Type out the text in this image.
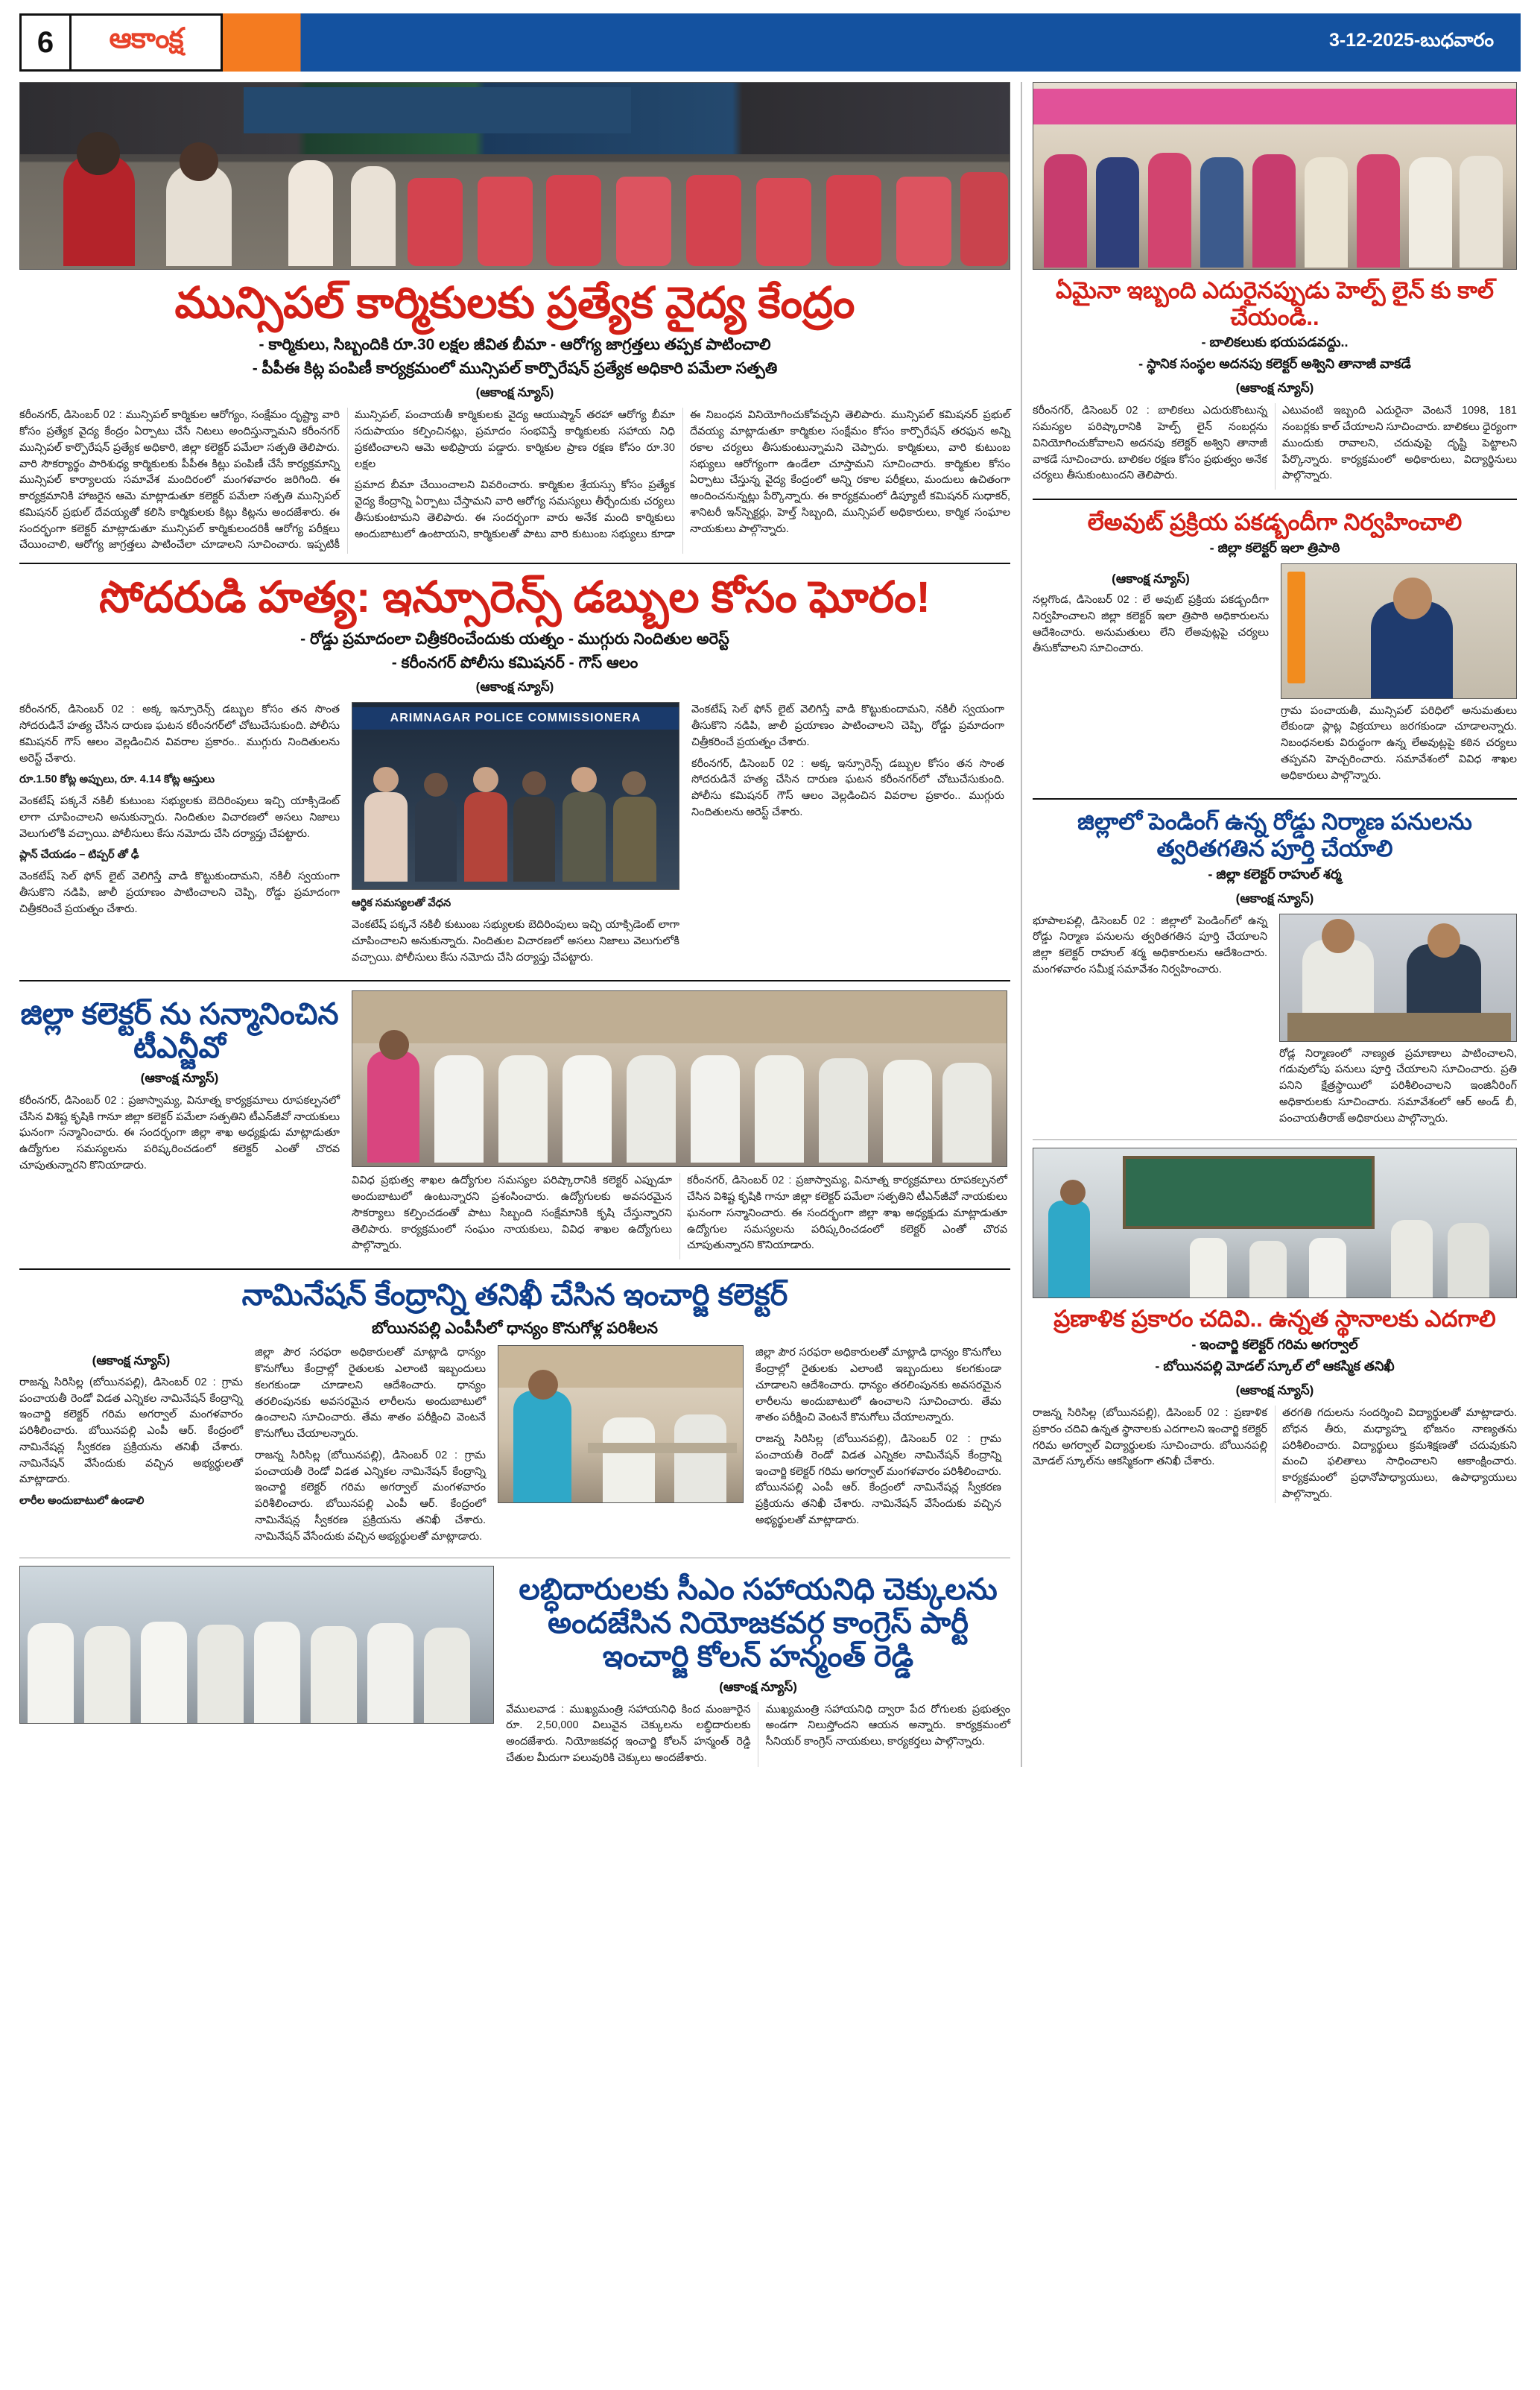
6	ఆకాంక్ష	3-12-2025-బుధవారం
మున్సిపల్ కార్మికులకు ప్రత్యేక వైద్య కేంద్రం
- కార్మికులు, సిబ్బందికి రూ.30 లక్షల జీవిత బీమా - ఆరోగ్య జాగ్రత్తలు తప్పక పాటించాలి
- పీపీఈ కిట్ల పంపిణీ కార్యక్రమంలో మున్సిపల్ కార్పొరేషన్ ప్రత్యేక అధికారి పమేలా సత్పతి
(ఆకాంక్ష న్యూస్)

కరీంనగర్, డిసెంబర్ 02 : మున్సిపల్ కార్మికుల ఆరోగ్యం, సంక్షేమం దృష్ట్యా వారి కోసం ప్రత్యేక వైద్య కేంద్రం ఏర్పాటు చేసే నిటలు అందిస్తున్నామని కరీంనగర్ మున్సిపల్ కార్పొరేషన్ ప్రత్యేక అధికారి, జిల్లా కలెక్టర్ పమేలా సత్పతి తెలిపారు. వారి సౌకర్యార్థం పారిశుధ్య కార్మికులకు పీపీఈ కిట్లు పంపిణీ చేసే కార్యక్రమాన్ని మున్సిపల్ కార్యాలయ సమావేశ మందిరంలో మంగళవారం జరిగింది. ఈ కార్యక్రమానికి హాజరైన ఆమె మాట్లాడుతూ కలెక్టర్ పమేలా సత్పతి మున్సిపల్ కమిషనర్ ప్రభుల్ దేవయ్యతో కలిసి కార్మికులకు కిట్లు కిట్లను అందజేశారు. ఈ సందర్భంగా కలెక్టర్ మాట్లాడుతూ మున్సిపల్ కార్మికులందరికీ ఆరోగ్య పరీక్షలు చేయించాలి, ఆరోగ్య జాగ్రత్తలు పాటించేలా చూడాలని సూచించారు. ఇప్పటికీ మున్సిపల్, పంచాయతీ కార్మికులకు వైద్య ఆయుష్మాన్ తరహా ఆరోగ్య బీమా సదుపాయం కల్పించినట్లు, ప్రమాదం సంభవిస్తే కార్మికులకు సహాయ నిధి ప్రకటించాలని ఆమె అభిప్రాయ పడ్డారు. కార్మికుల ప్రాణ రక్షణ కోసం రూ.30 లక్షల

ప్రమాద బీమా చేయించాలని వివరించారు. కార్మికుల శ్రేయస్సు కోసం ప్రత్యేక వైద్య కేంద్రాన్ని ఏర్పాటు చేస్తామని వారి ఆరోగ్య సమస్యలు తీర్చేందుకు చర్యలు తీసుకుంటామని తెలిపారు. ఈ సందర్భంగా వారు అనేక మంది కార్మికులు అందుబాటులో ఉంటాయని, కార్మికులతో పాటు వారి కుటుంబ సభ్యులు కూడా ఈ నిబంధన వినియోగించుకోవచ్చని తెలిపారు. మున్సిపల్ కమిషనర్ ప్రభుల్ దేవయ్య మాట్లాడుతూ కార్మికుల సంక్షేమం కోసం కార్పొరేషన్ తరఫున అన్ని రకాల చర్యలు తీసుకుంటున్నామని చెప్పారు. కార్మికులు, వారి కుటుంబ సభ్యులు ఆరోగ్యంగా ఉండేలా చూస్తామని సూచించారు. కార్మికుల కోసం ఏర్పాటు చేస్తున్న వైద్య కేంద్రంలో అన్ని రకాల పరీక్షలు, మందులు ఉచితంగా అందించనున్నట్లు పేర్కొన్నారు. ఈ కార్యక్రమంలో డిప్యూటీ కమిషనర్ సుధాకర్, శానిటరీ ఇన్‌స్పెక్టర్లు, హెల్త్ సిబ్బంది, మున్సిపల్ అధికారులు, కార్మిక సంఘాల నాయకులు పాల్గొన్నారు.

సోదరుడి హత్య: ఇన్సూరెన్స్ డబ్బుల కోసం ఘోరం!
- రోడ్డు ప్రమాదంలా చిత్రీకరించేందుకు యత్నం - ముగ్గురు నిందితుల అరెస్ట్
- కరీంనగర్ పోలీసు కమిషనర్ - గౌస్ ఆలం
(ఆకాంక్ష న్యూస్)

కరీంనగర్, డిసెంబర్ 02 : అక్క ఇన్సూరెన్స్ డబ్బుల కోసం తన సొంత సోదరుడినే హత్య చేసిన దారుణ ఘటన కరీంనగర్‌లో చోటుచేసుకుంది. పోలీసు కమిషనర్ గౌస్ ఆలం వెల్లడించిన వివరాల ప్రకారం.. ముగ్గురు నిందితులను అరెస్ట్ చేశారు.

రూ.1.50 కోట్ల అప్పులు, రూ. 4.14 కోట్ల ఆస్తులు

వెంకటేష్ పక్కనే నకిలీ కుటుంబ సభ్యులకు బెదిరింపులు ఇచ్చి యాక్సిడెంట్ లాగా చూపించాలని అనుకున్నారు. నిందితుల విచారణలో అసలు నిజాలు వెలుగులోకి వచ్చాయి. పోలీసులు కేసు నమోదు చేసి దర్యాప్తు చేపట్టారు.

ప్లాన్ చేయడం – టిప్పర్ తో ఢీ

వెంకటేష్ సెల్ ఫోన్ లైట్ వెలిగిస్తే వాడి కొట్టుకుందామని, నకిలీ స్వయంగా తీసుకొని నడిపి, జాలీ ప్రయాణం పాటించాలని చెప్పి, రోడ్డు ప్రమాదంగా చిత్రీకరించే ప్రయత్నం చేశారు.

ARIMNAGAR POLICE COMMISSIONERA

ఆర్థిక సమస్యలతో వేధన

వెంకటేష్ పక్కనే నకిలీ కుటుంబ సభ్యులకు బెదిరింపులు ఇచ్చి యాక్సిడెంట్ లాగా చూపించాలని అనుకున్నారు. నిందితుల విచారణలో అసలు నిజాలు వెలుగులోకి వచ్చాయి. పోలీసులు కేసు నమోదు చేసి దర్యాప్తు చేపట్టారు.

వెంకటేష్ సెల్ ఫోన్ లైట్ వెలిగిస్తే వాడి కొట్టుకుందామని, నకిలీ స్వయంగా తీసుకొని నడిపి, జాలీ ప్రయాణం పాటించాలని చెప్పి, రోడ్డు ప్రమాదంగా చిత్రీకరించే ప్రయత్నం చేశారు.

కరీంనగర్, డిసెంబర్ 02 : అక్క ఇన్సూరెన్స్ డబ్బుల కోసం తన సొంత సోదరుడినే హత్య చేసిన దారుణ ఘటన కరీంనగర్‌లో చోటుచేసుకుంది. పోలీసు కమిషనర్ గౌస్ ఆలం వెల్లడించిన వివరాల ప్రకారం.. ముగ్గురు నిందితులను అరెస్ట్ చేశారు.

జిల్లా కలెక్టర్ ను సన్మానించిన టీఎన్జీవో
(ఆకాంక్ష న్యూస్)

కరీంనగర్, డిసెంబర్ 02 : ప్రజాస్వామ్య, వినూత్న కార్యక్రమాలు రూపకల్పనలో చేసిన విశిష్ట కృషికి గానూ జిల్లా కలెక్టర్ పమేలా సత్పతిని టీఎన్‌జీవో నాయకులు ఘనంగా సన్మానించారు. ఈ సందర్భంగా జిల్లా శాఖ అధ్యక్షుడు మాట్లాడుతూ ఉద్యోగుల సమస్యలను పరిష్కరించడంలో కలెక్టర్ ఎంతో చొరవ చూపుతున్నారని కొనియాడారు.

వివిధ ప్రభుత్వ శాఖల ఉద్యోగుల సమస్యల పరిష్కారానికి కలెక్టర్ ఎప్పుడూ అందుబాటులో ఉంటున్నారని ప్రశంసించారు. ఉద్యోగులకు అవసరమైన సౌకర్యాలు కల్పించడంతో పాటు సిబ్బంది సంక్షేమానికి కృషి చేస్తున్నారని తెలిపారు. కార్యక్రమంలో సంఘం నాయకులు, వివిధ శాఖల ఉద్యోగులు పాల్గొన్నారు.

కరీంనగర్, డిసెంబర్ 02 : ప్రజాస్వామ్య, వినూత్న కార్యక్రమాలు రూపకల్పనలో చేసిన విశిష్ట కృషికి గానూ జిల్లా కలెక్టర్ పమేలా సత్పతిని టీఎన్‌జీవో నాయకులు ఘనంగా సన్మానించారు. ఈ సందర్భంగా జిల్లా శాఖ అధ్యక్షుడు మాట్లాడుతూ ఉద్యోగుల సమస్యలను పరిష్కరించడంలో కలెక్టర్ ఎంతో చొరవ చూపుతున్నారని కొనియాడారు.

నామినేషన్ కేంద్రాన్ని తనిఖీ చేసిన ఇంచార్జి కలెక్టర్
బోయినపల్లి ఎంపీసీలో ధాన్యం కొనుగోళ్ల పరిశీలన
(ఆకాంక్ష న్యూస్)

రాజన్న సిరిసిల్ల (బోయినపల్లి), డిసెంబర్ 02 : గ్రామ పంచాయతీ రెండో విడత ఎన్నికల నామినేషన్ కేంద్రాన్ని ఇంచార్జి కలెక్టర్ గరిమ అగర్వాల్ మంగళవారం పరిశీలించారు. బోయినపల్లి ఎంపీ ఆర్. కేంద్రంలో నామినేషన్ల స్వీకరణ ప్రక్రియను తనిఖీ చేశారు. నామినేషన్ వేసేందుకు వచ్చిన అభ్యర్థులతో మాట్లాడారు.

లారీల అందుబాటులో ఉండాలి

జిల్లా పౌర సరఫరా అధికారులతో మాట్లాడి ధాన్యం కొనుగోలు కేంద్రాల్లో రైతులకు ఎలాంటి ఇబ్బందులు కలగకుండా చూడాలని ఆదేశించారు. ధాన్యం తరలింపునకు అవసరమైన లారీలను అందుబాటులో ఉంచాలని సూచించారు. తేమ శాతం పరీక్షించి వెంటనే కొనుగోలు చేయాలన్నారు.

రాజన్న సిరిసిల్ల (బోయినపల్లి), డిసెంబర్ 02 : గ్రామ పంచాయతీ రెండో విడత ఎన్నికల నామినేషన్ కేంద్రాన్ని ఇంచార్జి కలెక్టర్ గరిమ అగర్వాల్ మంగళవారం పరిశీలించారు. బోయినపల్లి ఎంపీ ఆర్. కేంద్రంలో నామినేషన్ల స్వీకరణ ప్రక్రియను తనిఖీ చేశారు. నామినేషన్ వేసేందుకు వచ్చిన అభ్యర్థులతో మాట్లాడారు.

జిల్లా పౌర సరఫరా అధికారులతో మాట్లాడి ధాన్యం కొనుగోలు కేంద్రాల్లో రైతులకు ఎలాంటి ఇబ్బందులు కలగకుండా చూడాలని ఆదేశించారు. ధాన్యం తరలింపునకు అవసరమైన లారీలను అందుబాటులో ఉంచాలని సూచించారు. తేమ శాతం పరీక్షించి వెంటనే కొనుగోలు చేయాలన్నారు.

రాజన్న సిరిసిల్ల (బోయినపల్లి), డిసెంబర్ 02 : గ్రామ పంచాయతీ రెండో విడత ఎన్నికల నామినేషన్ కేంద్రాన్ని ఇంచార్జి కలెక్టర్ గరిమ అగర్వాల్ మంగళవారం పరిశీలించారు. బోయినపల్లి ఎంపీ ఆర్. కేంద్రంలో నామినేషన్ల స్వీకరణ ప్రక్రియను తనిఖీ చేశారు. నామినేషన్ వేసేందుకు వచ్చిన అభ్యర్థులతో మాట్లాడారు.

లబ్ధిదారులకు సీఎం సహాయనిధి చెక్కులను అందజేసిన నియోజకవర్గ కాంగ్రెస్ పార్టీ ఇంచార్జి కోలన్ హన్మంత్ రెడ్డి
(ఆకాంక్ష న్యూస్)

వేములవాడ : ముఖ్యమంత్రి సహాయనిధి కింద మంజూరైన రూ. 2,50,000 విలువైన చెక్కులను లబ్ధిదారులకు అందజేశారు. నియోజకవర్గ ఇంచార్జి కోలన్ హన్మంత్ రెడ్డి చేతుల మీదుగా పలువురికి చెక్కులు అందజేశారు.

ముఖ్యమంత్రి సహాయనిధి ద్వారా పేద రోగులకు ప్రభుత్వం అండగా నిలుస్తోందని ఆయన అన్నారు. కార్యక్రమంలో సీనియర్ కాంగ్రెస్ నాయకులు, కార్యకర్తలు పాల్గొన్నారు.

ఏమైనా ఇబ్బంది ఎదురైనప్పుడు హెల్ప్ లైన్ కు కాల్ చేయండి..
- బాలికలుకు భయపడవద్దు..
- స్థానిక సంస్థల అదనపు కలెక్టర్ అశ్విని తానాజీ వాకడే
(ఆకాంక్ష న్యూస్)

కరీంనగర్, డిసెంబర్ 02 : బాలికలు ఎదురుకొంటున్న సమస్యల పరిష్కారానికి హెల్ప్ లైన్ నంబర్లను వినియోగించుకోవాలని అదనపు కలెక్టర్ అశ్విని తానాజీ వాకడే సూచించారు. బాలికల రక్షణ కోసం ప్రభుత్వం అనేక చర్యలు తీసుకుంటుందని తెలిపారు.

ఎటువంటి ఇబ్బంది ఎదురైనా వెంటనే 1098, 181 నంబర్లకు కాల్ చేయాలని సూచించారు. బాలికలు ధైర్యంగా ముందుకు రావాలని, చదువుపై దృష్టి పెట్టాలని పేర్కొన్నారు. కార్యక్రమంలో అధికారులు, విద్యార్థినులు పాల్గొన్నారు.

లేఅవుట్ ప్రక్రియ పకడ్బందీగా నిర్వహించాలి
- జిల్లా కలెక్టర్ ఇలా త్రిపాఠి
(ఆకాంక్ష న్యూస్)

నల్లగొండ, డిసెంబర్ 02 : లే అవుట్ ప్రక్రియ పకడ్బందీగా నిర్వహించాలని జిల్లా కలెక్టర్ ఇలా త్రిపాఠి అధికారులను ఆదేశించారు. అనుమతులు లేని లేఅవుట్లపై చర్యలు తీసుకోవాలని సూచించారు.

గ్రామ పంచాయతీ, మున్సిపల్ పరిధిలో అనుమతులు లేకుండా ప్లాట్ల విక్రయాలు జరగకుండా చూడాలన్నారు. నిబంధనలకు విరుద్ధంగా ఉన్న లేఅవుట్లపై కఠిన చర్యలు తప్పవని హెచ్చరించారు. సమావేశంలో వివిధ శాఖల అధికారులు పాల్గొన్నారు.

జిల్లాలో పెండింగ్ ఉన్న రోడ్డు నిర్మాణ పనులను త్వరితగతిన పూర్తి చేయాలి
- జిల్లా కలెక్టర్ రాహుల్ శర్మ
(ఆకాంక్ష న్యూస్)

భూపాలపల్లి, డిసెంబర్ 02 : జిల్లాలో పెండింగ్‌లో ఉన్న రోడ్డు నిర్మాణ పనులను త్వరితగతిన పూర్తి చేయాలని జిల్లా కలెక్టర్ రాహుల్ శర్మ అధికారులను ఆదేశించారు. మంగళవారం సమీక్ష సమావేశం నిర్వహించారు.

రోడ్ల నిర్మాణంలో నాణ్యత ప్రమాణాలు పాటించాలని, గడువులోపు పనులు పూర్తి చేయాలని సూచించారు. ప్రతి పనిని క్షేత్రస్థాయిలో పరిశీలించాలని ఇంజినీరింగ్ అధికారులకు సూచించారు. సమావేశంలో ఆర్ అండ్ బీ, పంచాయతీరాజ్ అధికారులు పాల్గొన్నారు.

ప్రణాళిక ప్రకారం చదివి.. ఉన్నత స్థానాలకు ఎదగాలి
- ఇంచార్జి కలెక్టర్ గరిమ అగర్వాల్
- బోయినపల్లి మోడల్ స్కూల్ లో ఆకస్మిక తనిఖీ
(ఆకాంక్ష న్యూస్)

రాజన్న సిరిసిల్ల (బోయినపల్లి), డిసెంబర్ 02 : ప్రణాళిక ప్రకారం చదివి ఉన్నత స్థానాలకు ఎదగాలని ఇంచార్జి కలెక్టర్ గరిమ అగర్వాల్ విద్యార్థులకు సూచించారు. బోయినపల్లి మోడల్ స్కూల్‌ను ఆకస్మికంగా తనిఖీ చేశారు.

తరగతి గదులను సందర్శించి విద్యార్థులతో మాట్లాడారు. బోధన తీరు, మధ్యాహ్న భోజనం నాణ్యతను పరిశీలించారు. విద్యార్థులు క్రమశిక్షణతో చదువుకుని మంచి ఫలితాలు సాధించాలని ఆకాంక్షించారు. కార్యక్రమంలో ప్రధానోపాధ్యాయులు, ఉపాధ్యాయులు పాల్గొన్నారు.
